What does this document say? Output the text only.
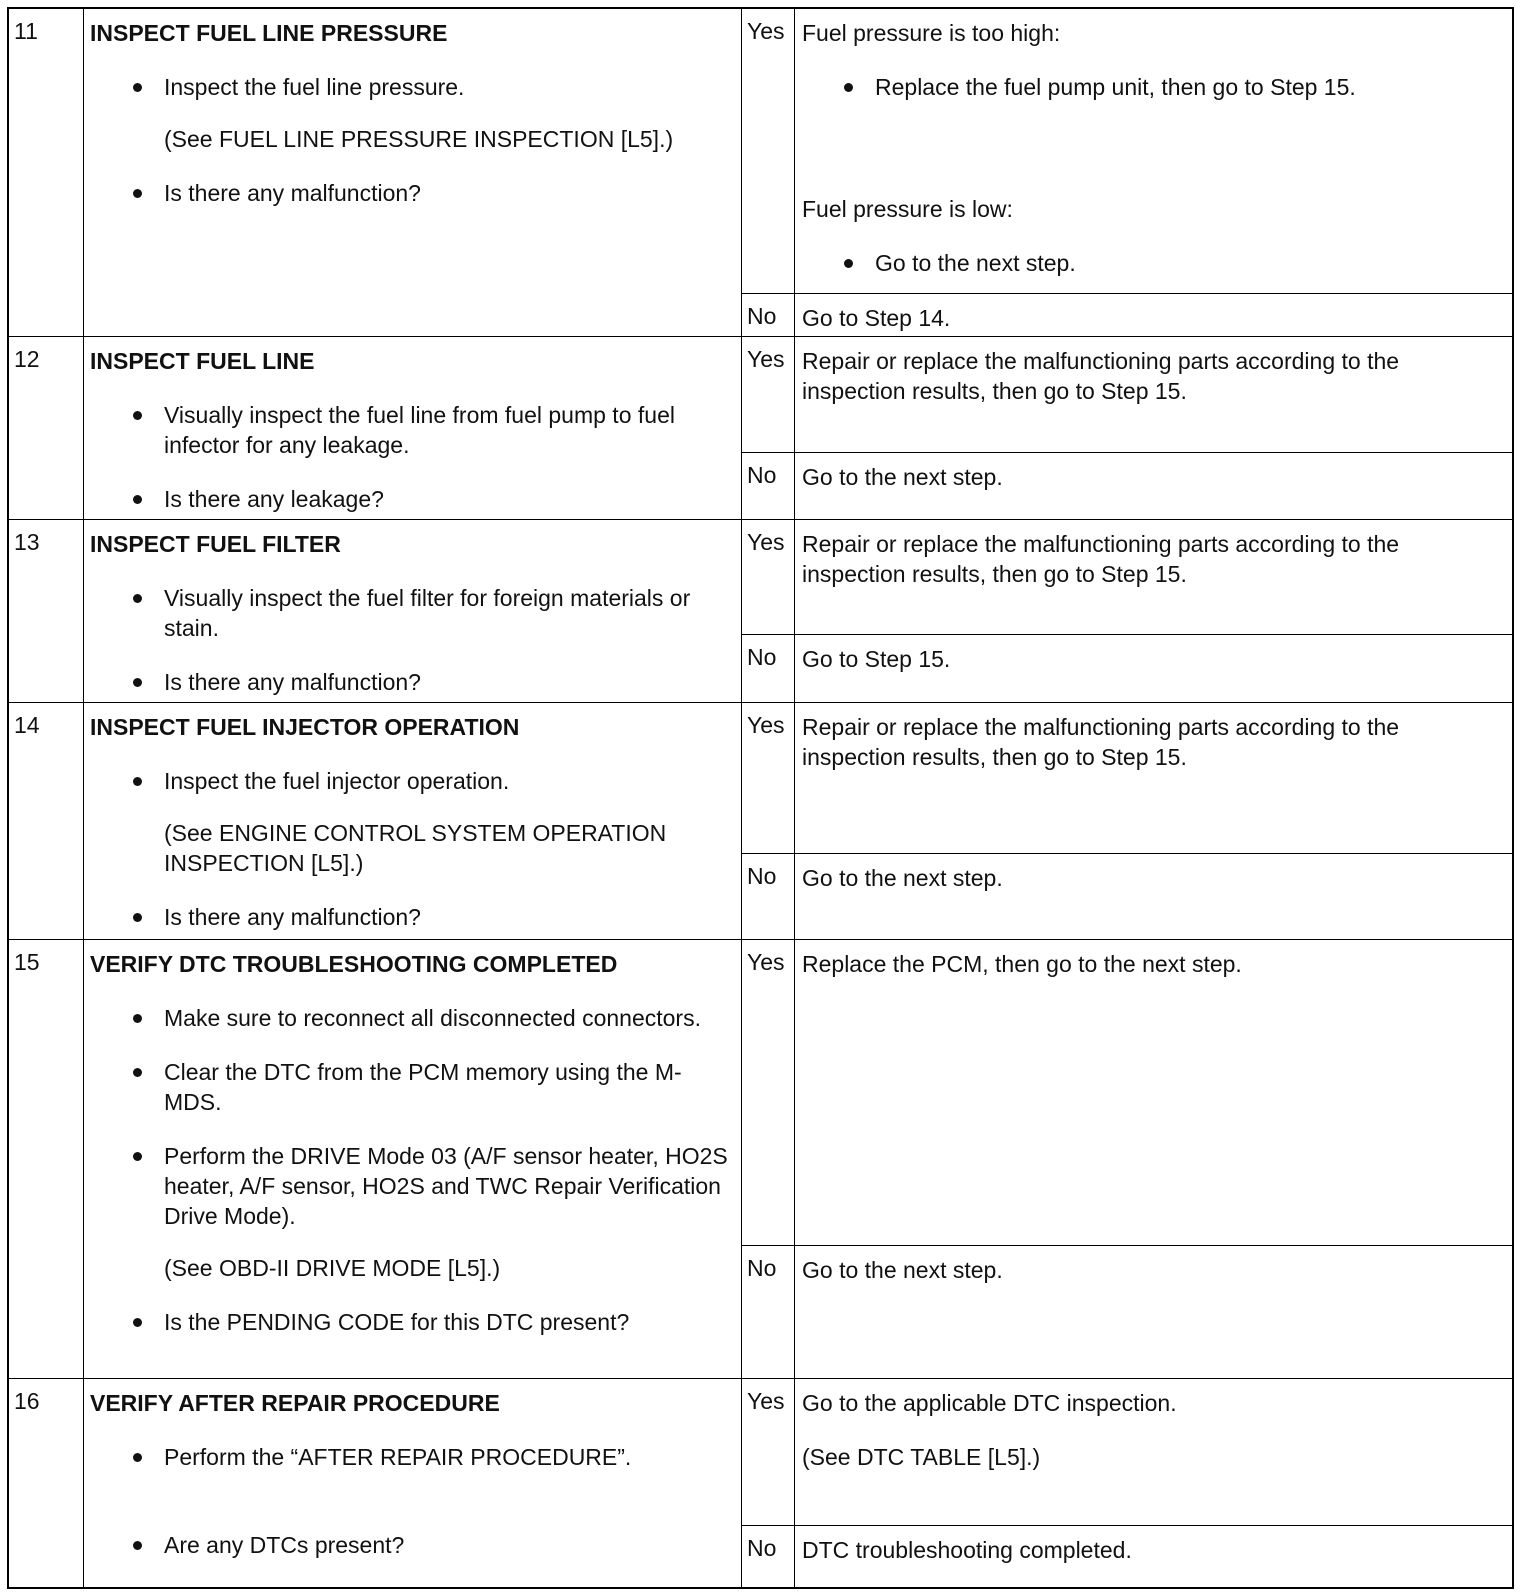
11	INSPECT FUEL LINE PRESSURE
Inspect the fuel line pressure.
(See FUEL LINE PRESSURE INSPECTION [L5].)
Is there any malfunction?
Yes Fuel pressure is too high:

Replace the fuel pump unit, then go to Step 15.

Fuel pressure is low:

Go to the next step.
No	Go to Step 14.
12	INSPECT FUEL LINE
Visually inspect the fuel line from fuel pump to fuel infector for any leakage.
Is there any leakage?
Yes Repair or replace the malfunctioning parts according to the inspection results, then go to Step 15.
No	Go to the next step.
13	INSPECT FUEL FILTER
Visually inspect the fuel filter for foreign materials or stain.
Is there any malfunction?
Yes Repair or replace the malfunctioning parts according to the inspection results, then go to Step 15.
No	Go to Step 15.
14	INSPECT FUEL INJECTOR OPERATION
Inspect the fuel injector operation.
(See ENGINE CONTROL SYSTEM OPERATION INSPECTION [L5].)
Is there any malfunction?
Yes Repair or replace the malfunctioning parts according to the inspection results, then go to Step 15.
No	Go to the next step.
15	VERIFY DTC TROUBLESHOOTING COMPLETED
Make sure to reconnect all disconnected connectors.
Clear the DTC from the PCM memory using the M-MDS.
Perform the DRIVE Mode 03 (A/F sensor heater, HO2S heater, A/F sensor, HO2S and TWC Repair Verification Drive Mode).
(See OBD-II DRIVE MODE [L5].)
Is the PENDING CODE for this DTC present?
Yes Replace the PCM, then go to the next step.
No	Go to the next step.
16	VERIFY AFTER REPAIR PROCEDURE
Perform the “AFTER REPAIR PROCEDURE”.
Are any DTCs present?
Yes Go to the applicable DTC inspection.

(See DTC TABLE [L5].)

No	DTC troubleshooting completed.
